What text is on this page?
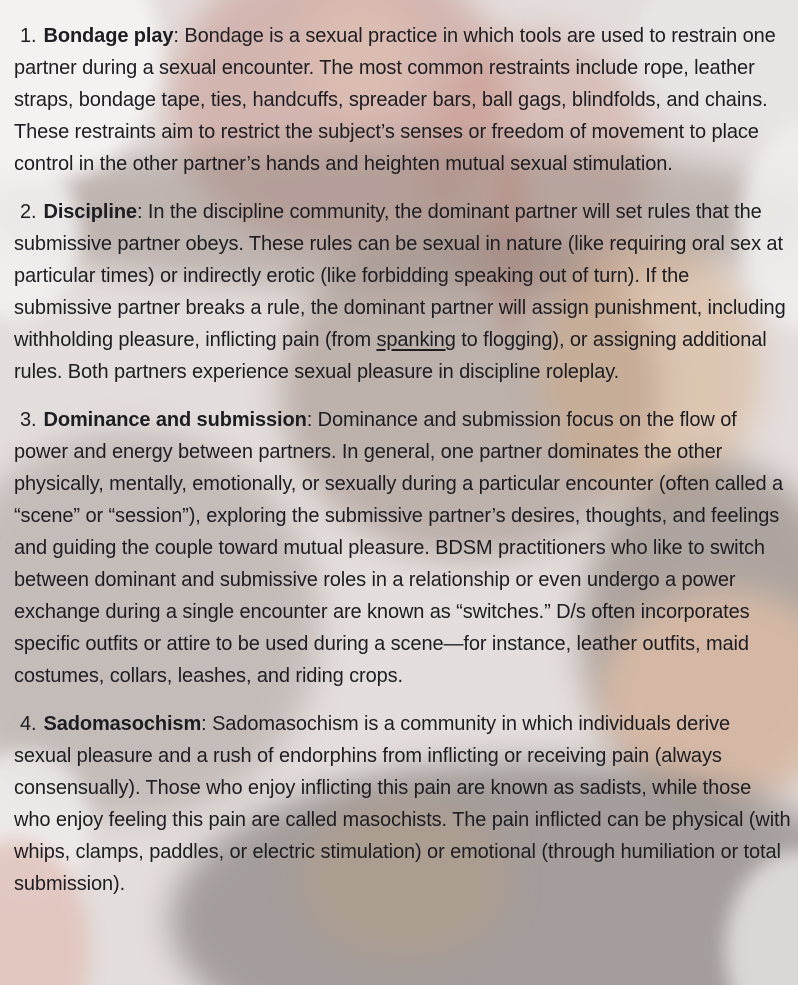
1. Bondage play: Bondage is a sexual practice in which tools are used to restrain one partner during a sexual encounter. The most common restraints include rope, leather straps, bondage tape, ties, handcuffs, spreader bars, ball gags, blindfolds, and chains. These restraints aim to restrict the subject’s senses or freedom of movement to place control in the other partner’s hands and heighten mutual sexual stimulation.
2. Discipline: In the discipline community, the dominant partner will set rules that the submissive partner obeys. These rules can be sexual in nature (like requiring oral sex at particular times) or indirectly erotic (like forbidding speaking out of turn). If the submissive partner breaks a rule, the dominant partner will assign punishment, including withholding pleasure, inflicting pain (from spanking to flogging), or assigning additional rules. Both partners experience sexual pleasure in discipline roleplay.
3. Dominance and submission: Dominance and submission focus on the flow of power and energy between partners. In general, one partner dominates the other physically, mentally, emotionally, or sexually during a particular encounter (often called a “scene” or “session”), exploring the submissive partner’s desires, thoughts, and feelings and guiding the couple toward mutual pleasure. BDSM practitioners who like to switch between dominant and submissive roles in a relationship or even undergo a power exchange during a single encounter are known as “switches.” D/s often incorporates specific outfits or attire to be used during a scene—for instance, leather outfits, maid costumes, collars, leashes, and riding crops.
4. Sadomasochism: Sadomasochism is a community in which individuals derive sexual pleasure and a rush of endorphins from inflicting or receiving pain (always consensually). Those who enjoy inflicting this pain are known as sadists, while those who enjoy feeling this pain are called masochists. The pain inflicted can be physical (with whips, clamps, paddles, or electric stimulation) or emotional (through humiliation or total submission).
